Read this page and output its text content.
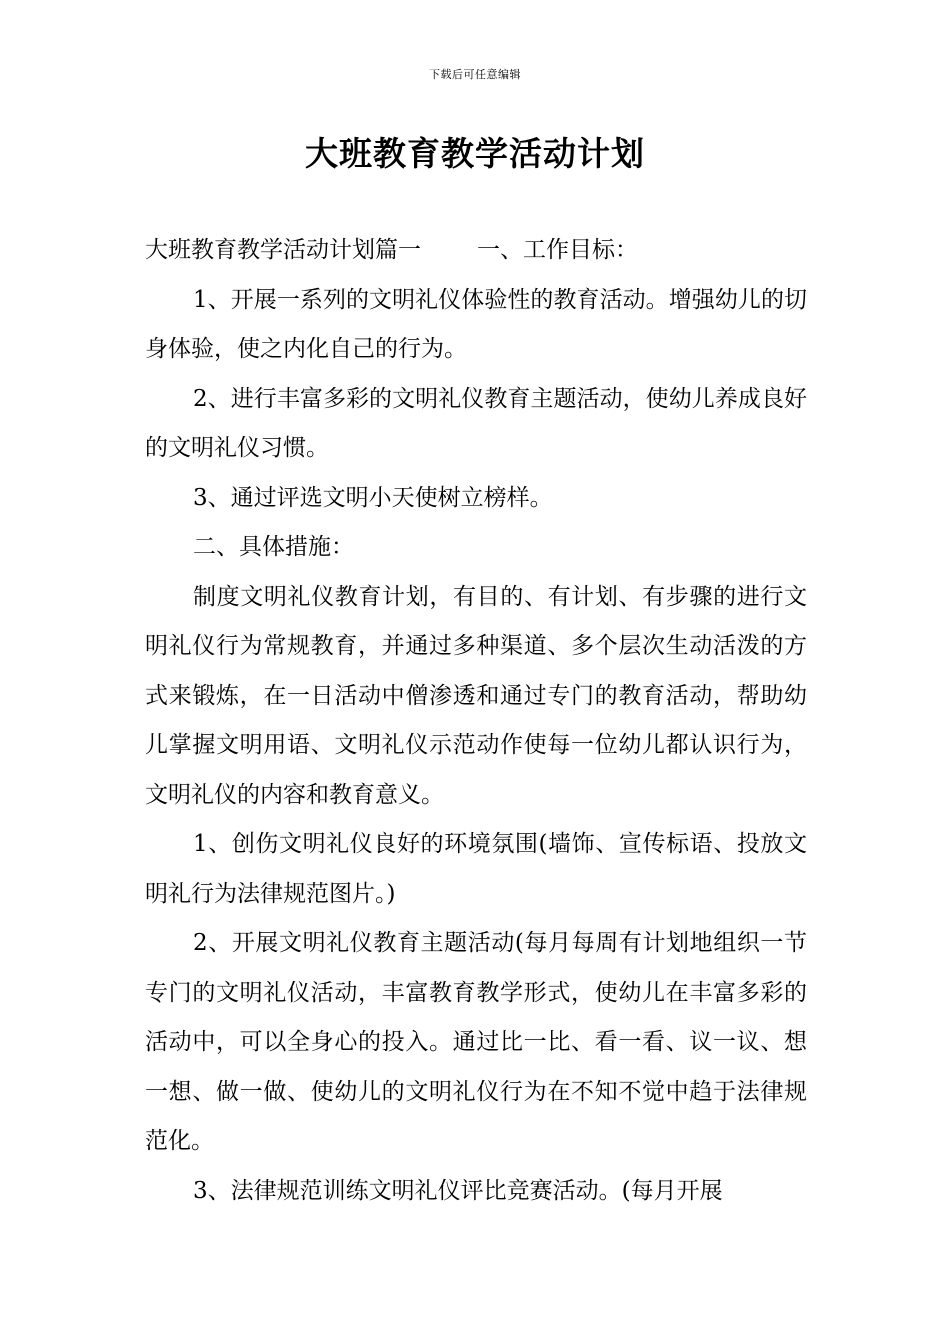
下载后可任意编辑
大班教育教学活动计划

大班教育教学活动计划篇一 一、工作目标：

1、开展一系列的文明礼仪体验性的教育活动。增强幼儿的切身体验，使之内化自己的行为。

2、进行丰富多彩的文明礼仪教育主题活动，使幼儿养成良好的文明礼仪习惯。

3、通过评选文明小天使树立榜样。

二、具体措施：

制度文明礼仪教育计划，有目的、有计划、有步骤的进行文明礼仪行为常规教育，并通过多种渠道、多个层次生动活泼的方式来锻炼，在一日活动中僧渗透和通过专门的教育活动，帮助幼儿掌握文明用语、文明礼仪示范动作使每一位幼儿都认识行为，文明礼仪的内容和教育意义。

1、创伤文明礼仪良好的环境氛围(墙饰、宣传标语、投放文明礼行为法律规范图片。)

2、开展文明礼仪教育主题活动(每月每周有计划地组织一节专门的文明礼仪活动，丰富教育教学形式，使幼儿在丰富多彩的活动中，可以全身心的投入。通过比一比、看一看、议一议、想一想、做一做、使幼儿的文明礼仪行为在不知不觉中趋于法律规范化。

3、法律规范训练文明礼仪评比竞赛活动。(每月开展
